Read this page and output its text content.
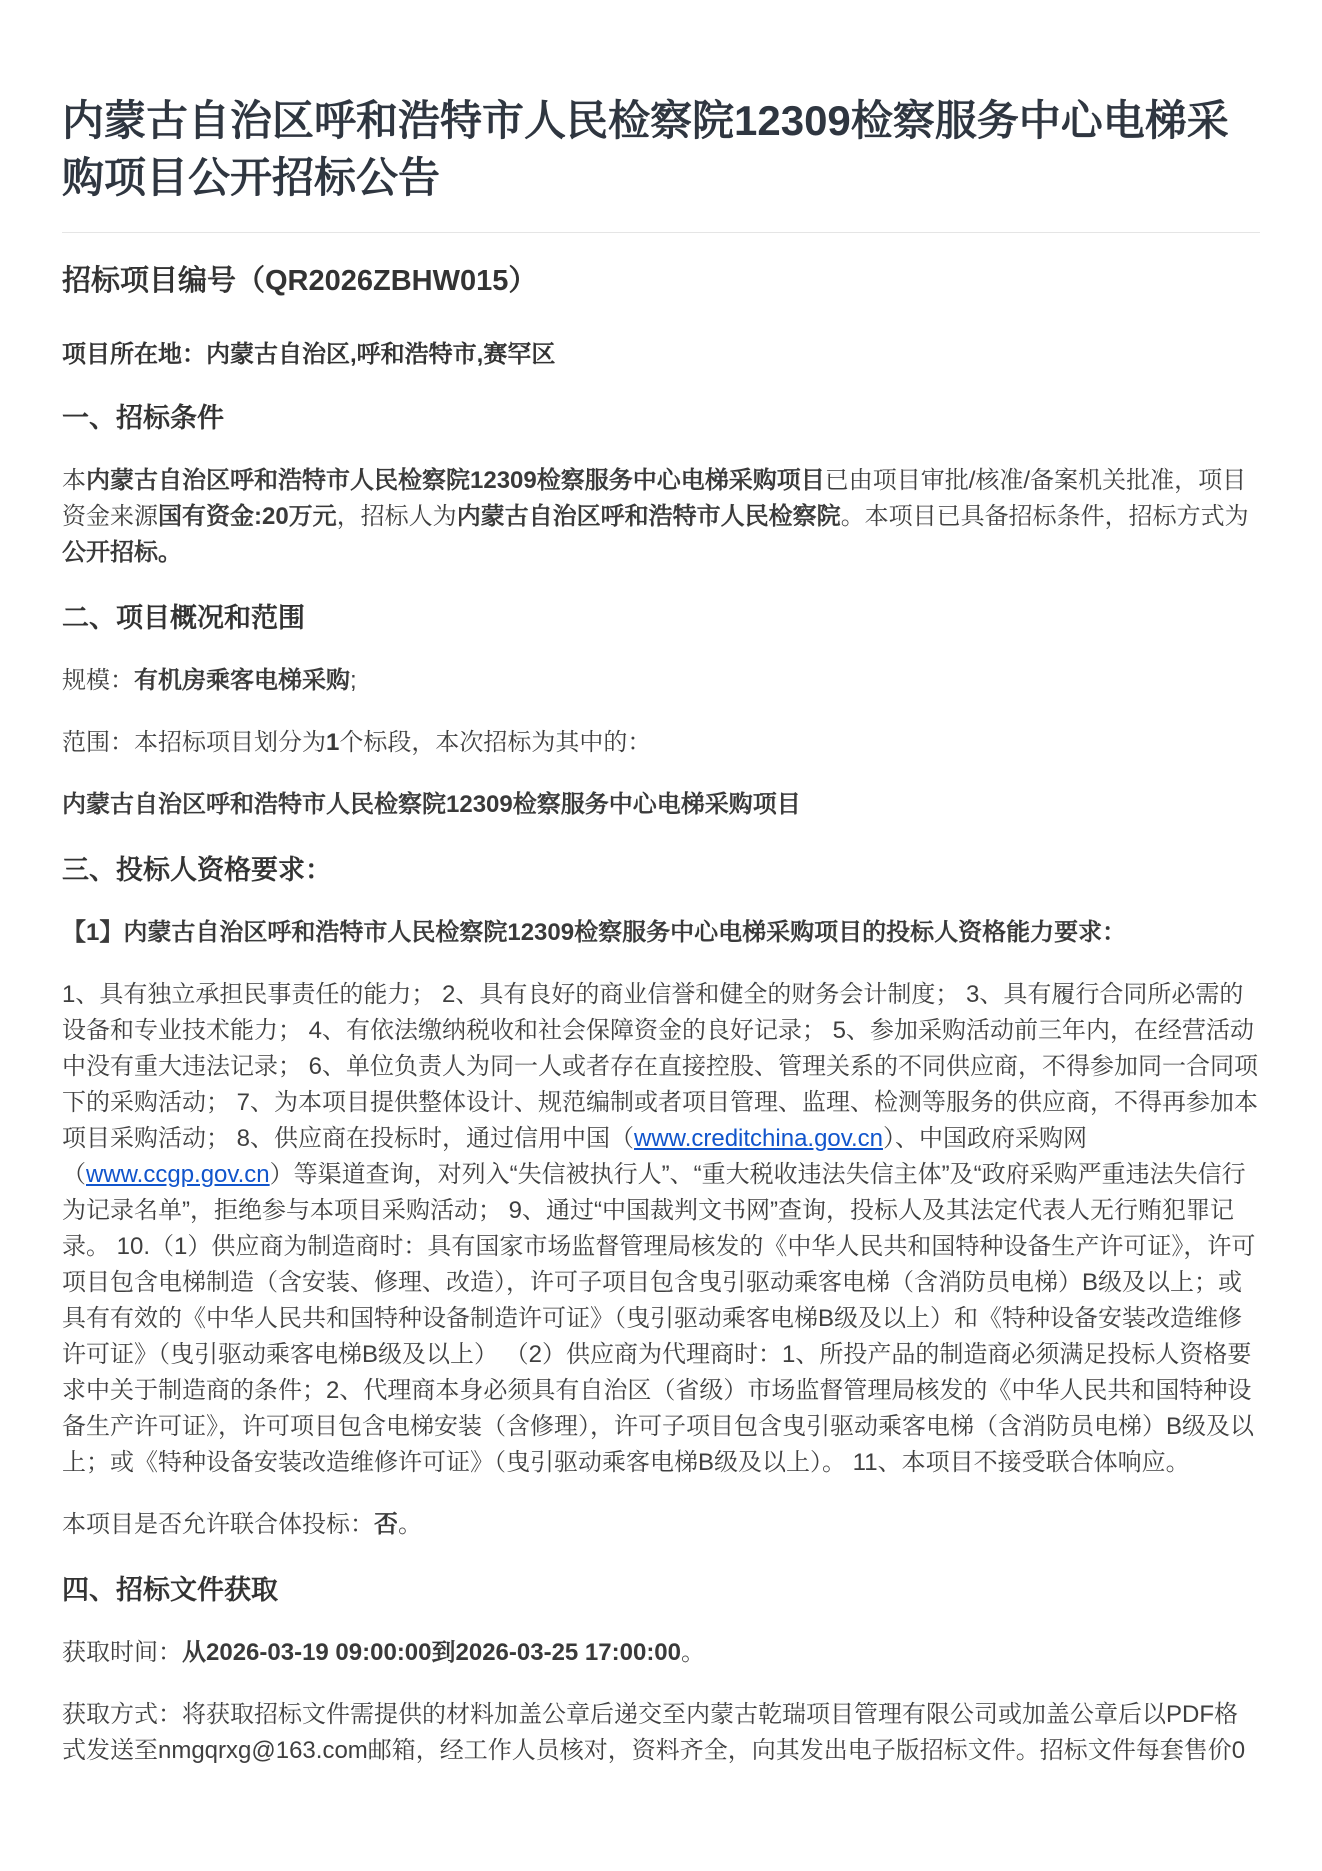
内蒙古自治区呼和浩特市人民检察院12309检察服务中心电梯采购项目公开招标公告
招标项目编号（QR2026ZBHW015）
项目所在地：内蒙古自治区,呼和浩特市,赛罕区
一、招标条件

本内蒙古自治区呼和浩特市人民检察院12309检察服务中心电梯采购项目已由项目审批/核准/备案机关批准，项目资金来源国有资金:20万元，招标人为内蒙古自治区呼和浩特市人民检察院。本项目已具备招标条件，招标方式为公开招标。

二、项目概况和范围

规模：有机房乘客电梯采购;

范围：本招标项目划分为1个标段，本次招标为其中的：

内蒙古自治区呼和浩特市人民检察院12309检察服务中心电梯采购项目

三、投标人资格要求：

【1】内蒙古自治区呼和浩特市人民检察院12309检察服务中心电梯采购项目的投标人资格能力要求：

1、具有独立承担民事责任的能力； 2、具有良好的商业信誉和健全的财务会计制度； 3、具有履行合同所必需的设备和专业技术能力； 4、有依法缴纳税收和社会保障资金的良好记录； 5、参加采购活动前三年内，在经营活动中没有重大违法记录； 6、单位负责人为同一人或者存在直接控股、管理关系的不同供应商，不得参加同一合同项下的采购活动； 7、为本项目提供整体设计、规范编制或者项目管理、监理、检测等服务的供应商，不得再参加本项目采购活动； 8、供应商在投标时，通过信用中国（www.creditchina.gov.cn）、中国政府采购网（www.ccgp.gov.cn）等渠道查询，对列入“失信被执行人”、“重大税收违法失信主体”及“政府采购严重违法失信行为记录名单”，拒绝参与本项目采购活动； 9、通过“中国裁判文书网”查询，投标人及其法定代表人无行贿犯罪记录。 10.（1）供应商为制造商时：具有国家市场监督管理局核发的《中华人民共和国特种设备生产许可证》，许可项目包含电梯制造（含安装、修理、改造），许可子项目包含曳引驱动乘客电梯（含消防员电梯）B级及以上；或具有有效的《中华人民共和国特种设备制造许可证》（曳引驱动乘客电梯B级及以上）和《特种设备安装改造维修许可证》（曳引驱动乘客电梯B级及以上） （2）供应商为代理商时：1、所投产品的制造商必须满足投标人资格要求中关于制造商的条件；2、代理商本身必须具有自治区（省级）市场监督管理局核发的《中华人民共和国特种设备生产许可证》，许可项目包含电梯安装（含修理），许可子项目包含曳引驱动乘客电梯（含消防员电梯）B级及以上；或《特种设备安装改造维修许可证》（曳引驱动乘客电梯B级及以上）。 11、本项目不接受联合体响应。

本项目是否允许联合体投标：否。

四、招标文件获取

获取时间：从2026-03-19 09:00:00到2026-03-25 17:00:00。

获取方式：将获取招标文件需提供的材料加盖公章后递交至内蒙古乾瑞项目管理有限公司或加盖公章后以PDF格式发送至nmgqrxg@163.com邮箱，经工作人员核对，资料齐全，向其发出电子版招标文件。招标文件每套售价0
